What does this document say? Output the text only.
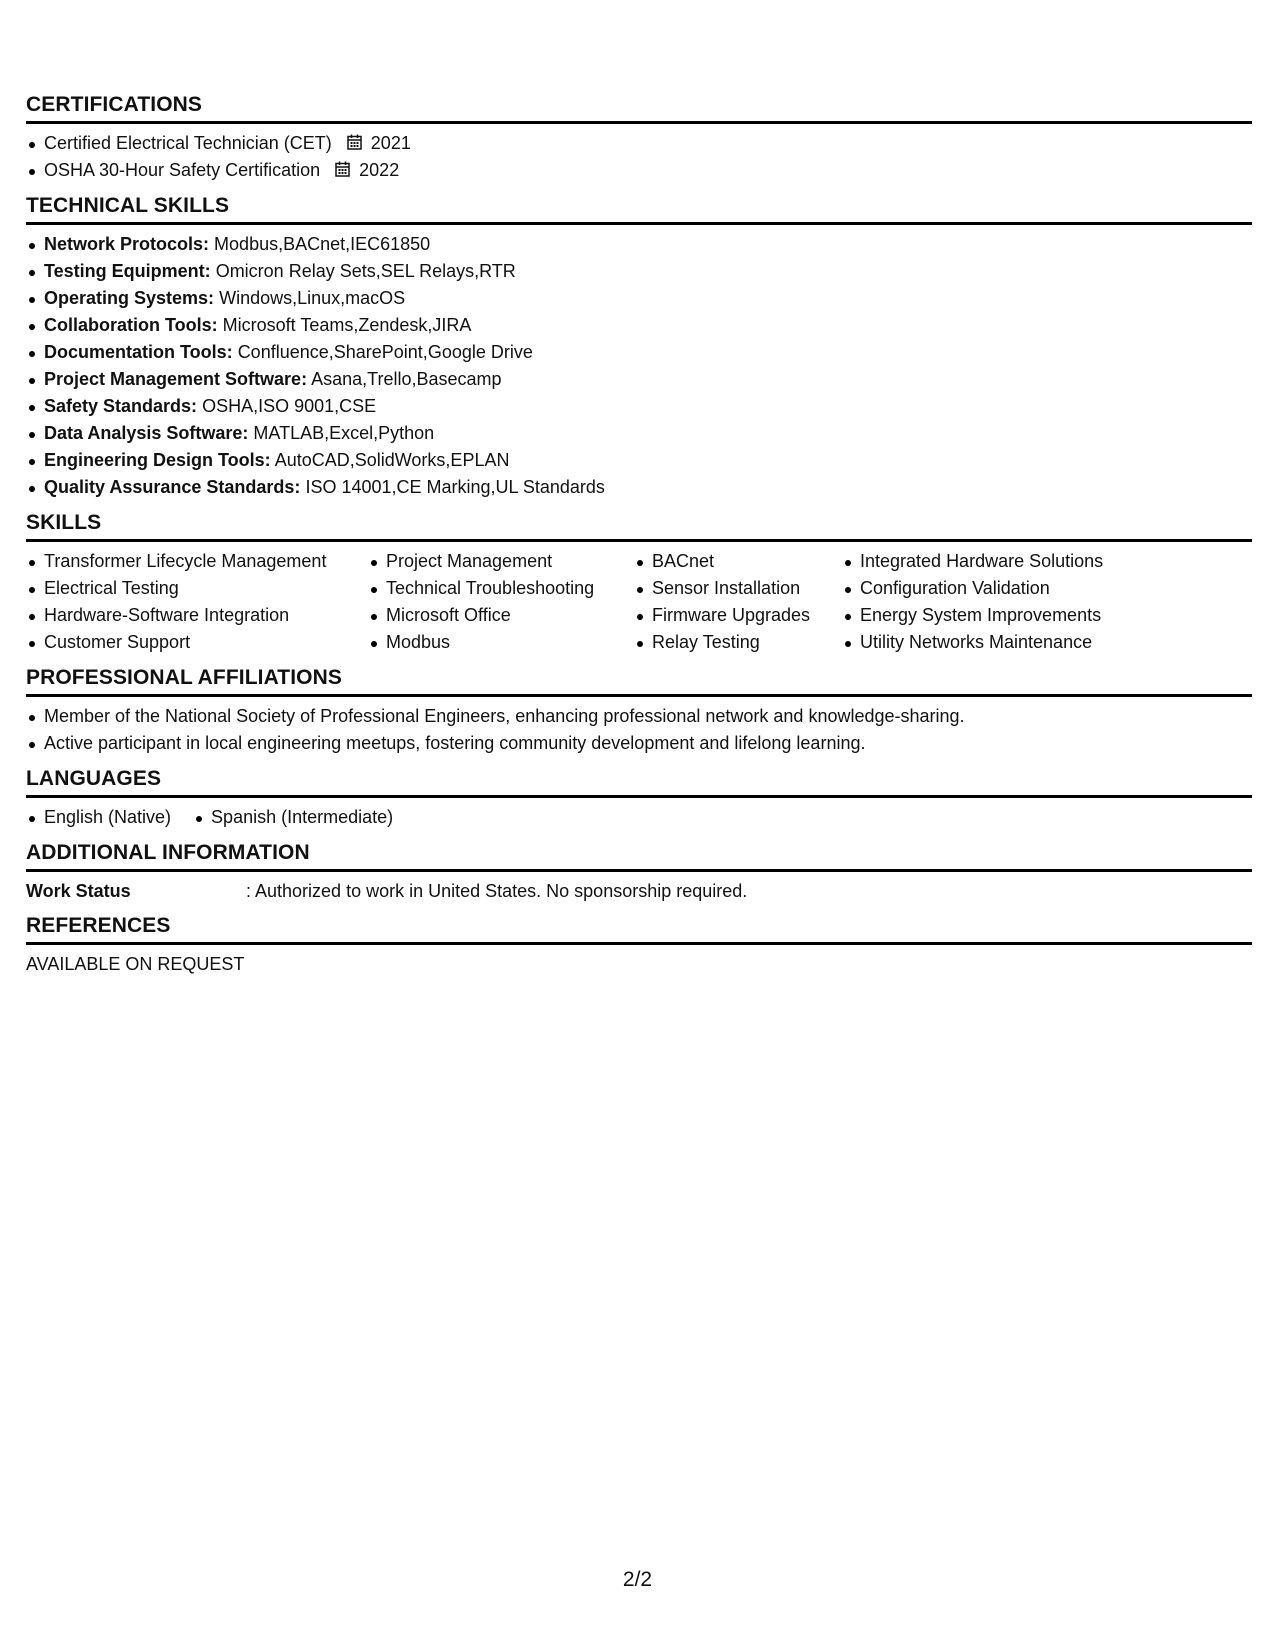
CERTIFICATIONS
Certified Electrical Technician (CET) 2021
OSHA 30-Hour Safety Certification 2022
TECHNICAL SKILLS
Network Protocols: Modbus,BACnet,IEC61850
Testing Equipment: Omicron Relay Sets,SEL Relays,RTR
Operating Systems: Windows,Linux,macOS
Collaboration Tools: Microsoft Teams,Zendesk,JIRA
Documentation Tools: Confluence,SharePoint,Google Drive
Project Management Software: Asana,Trello,Basecamp
Safety Standards: OSHA,ISO 9001,CSE
Data Analysis Software: MATLAB,Excel,Python
Engineering Design Tools: AutoCAD,SolidWorks,EPLAN
Quality Assurance Standards: ISO 14001,CE Marking,UL Standards
SKILLS
Transformer Lifecycle Management
Electrical Testing
Hardware-Software Integration
Customer Support
Project Management
Technical Troubleshooting
Microsoft Office
Modbus
BACnet
Sensor Installation
Firmware Upgrades
Relay Testing
Integrated Hardware Solutions
Configuration Validation
Energy System Improvements
Utility Networks Maintenance
PROFESSIONAL AFFILIATIONS
Member of the National Society of Professional Engineers, enhancing professional network and knowledge-sharing.
Active participant in local engineering meetups, fostering community development and lifelong learning.
LANGUAGES
English (Native)	Spanish (Intermediate)
ADDITIONAL INFORMATION
Work Status	: Authorized to work in United States. No sponsorship required.
REFERENCES
AVAILABLE ON REQUEST
2/2
